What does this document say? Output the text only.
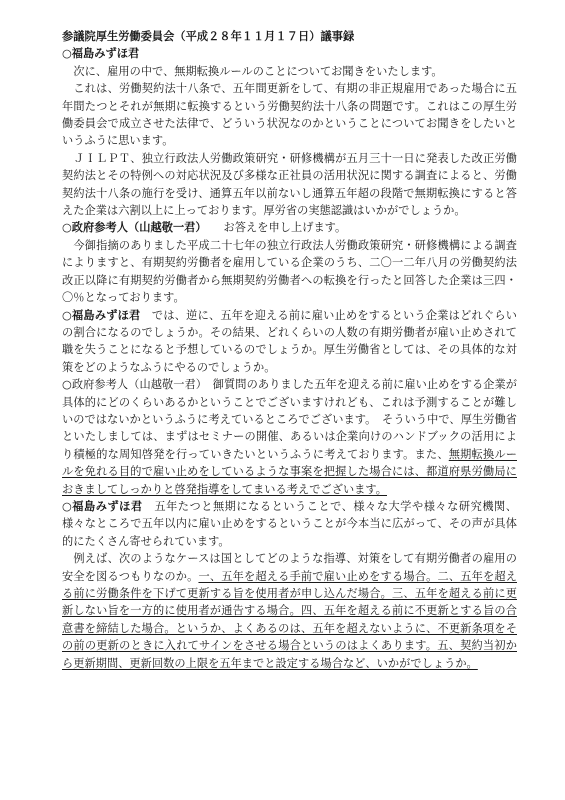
参議院厚生労働委員会（平成２８年１１月１７日）議事録

○福島みずほ君

次に、雇用の中で、無期転換ルールのことについてお聞きをいたします。

これは、労働契約法十八条で、五年間更新をして、有期の非正規雇用であった場合に五年間たつとそれが無期に転換するという労働契約法十八条の問題です。これはこの厚生労働委員会で成立させた法律で、どういう状況なのかということについてお聞きをしたいというふうに思います。

ＪＩＬＰＴ、独立行政法人労働政策研究・研修機構が五月三十一日に発表した改正労働契約法とその特例への対応状況及び多様な正社員の活用状況に関する調査によると、労働契約法十八条の施行を受け、通算五年以前ないし通算五年超の段階で無期転換にすると答えた企業は六割以上に上っております。厚労省の実態認識はいかがでしょうか。

○政府参考人（山越敬一君）　　 お答えを申し上げます。

今御指摘のありました平成二十七年の独立行政法人労働政策研究・研修機構による調査によりますと、有期契約労働者を雇用している企業のうち、二〇一二年八月の労働契約法改正以降に有期契約労働者から無期契約労働者への転換を行ったと回答した企業は三四・〇％となっております。

○福島みずほ君　 では、逆に、五年を迎える前に雇い止めをするという企業はどれぐらいの割合になるのでしょうか。その結果、どれくらいの人数の有期労働者が雇い止めされて職を失うことになると予想しているのでしょうか。厚生労働省としては、その具体的な対策をどのようなふうにやるのでしょうか。

○政府参考人（山越敬一君）　 御質問のありました五年を迎える前に雇い止めをする企業が具体的にどのくらいあるかということでございますけれども、これは予測することが難しいのではないかというふうに考えているところでございます。　そういう中で、厚生労働省といたしましては、まずはセミナーの開催、あるいは企業向けのハンドブックの活用により積極的な周知啓発を行っていきたいというふうに考えております。また、無期転換ルールを免れる目的で雇い止めをしているような事案を把握した場合には、都道府県労働局におきましてしっかりと啓発指導をしてまいる考えでございます。

○福島みずほ君　 五年たつと無期になるということで、様々な大学や様々な研究機関、様々なところで五年以内に雇い止めをするということが今本当に広がって、その声が具体的にたくさん寄せられています。

例えば、次のようなケースは国としてどのような指導、対策をして有期労働者の雇用の安全を図るつもりなのか。一、五年を超える手前で雇い止めをする場合。二、五年を超える前に労働条件を下げて更新する旨を使用者が申し込んだ場合。三、五年を超える前に更新しない旨を一方的に使用者が通告する場合。四、五年を超える前に不更新とする旨の合意書を締結した場合。というか、よくあるのは、五年を超えないように、不更新条項をその前の更新のときに入れてサインをさせる場合というのはよくあります。五、契約当初から更新期間、更新回数の上限を五年までと設定する場合など、いかがでしょうか。
